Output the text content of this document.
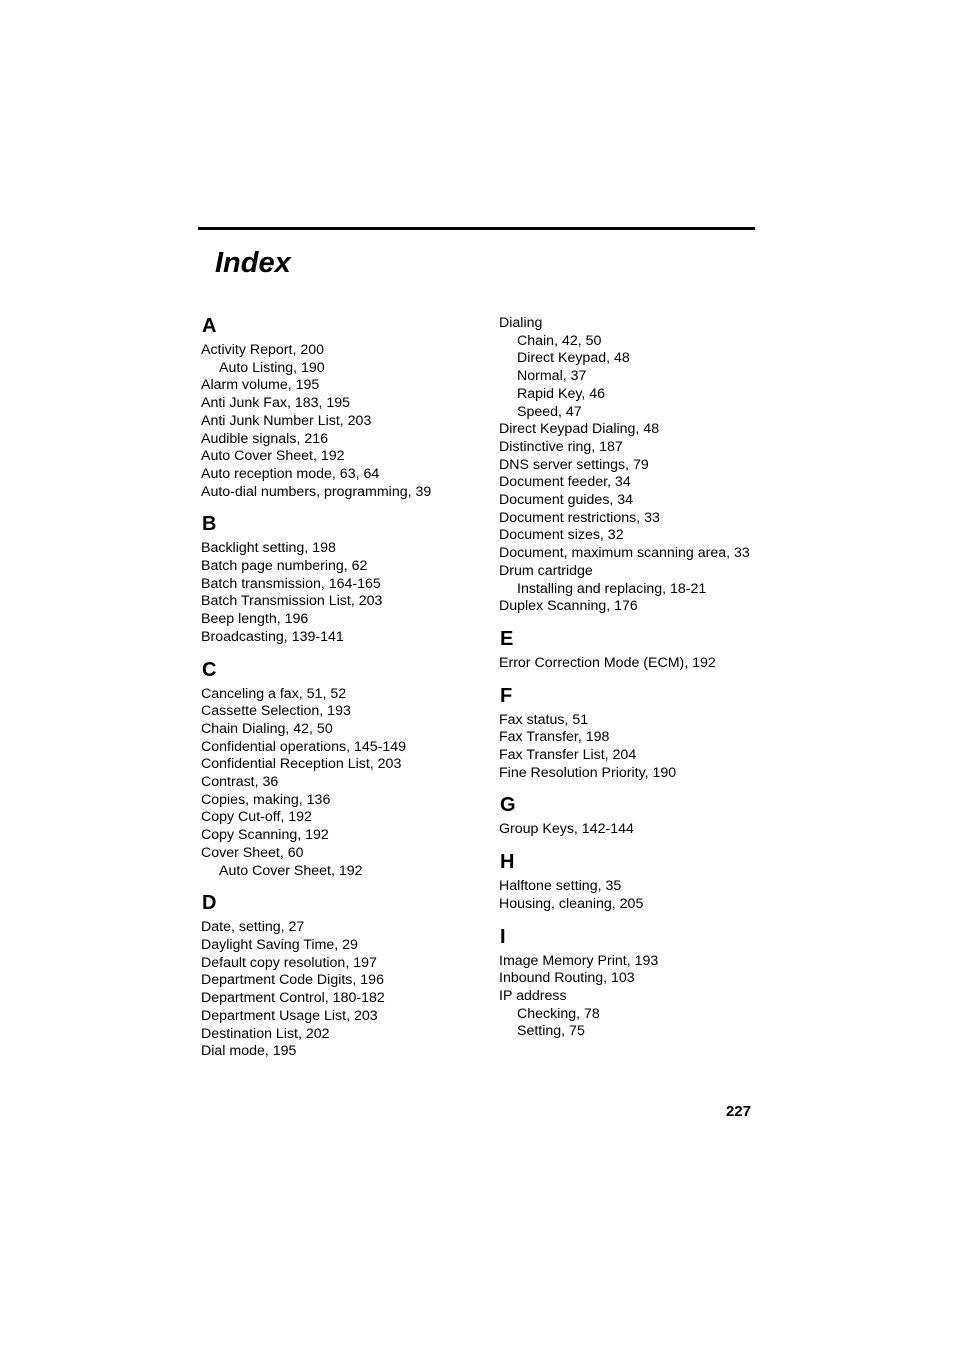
Index
A
Activity Report, 200
Auto Listing, 190
Alarm volume, 195
Anti Junk Fax, 183, 195
Anti Junk Number List, 203
Audible signals, 216
Auto Cover Sheet, 192
Auto reception mode, 63, 64
Auto-dial numbers, programming, 39
B
Backlight setting, 198
Batch page numbering, 62
Batch transmission, 164-165
Batch Transmission List, 203
Beep length, 196
Broadcasting, 139-141
C
Canceling a fax, 51, 52
Cassette Selection, 193
Chain Dialing, 42, 50
Confidential operations, 145-149
Confidential Reception List, 203
Contrast, 36
Copies, making, 136
Copy Cut-off, 192
Copy Scanning, 192
Cover Sheet, 60
Auto Cover Sheet, 192
D
Date, setting, 27
Daylight Saving Time, 29
Default copy resolution, 197
Department Code Digits, 196
Department Control, 180-182
Department Usage List, 203
Destination List, 202
Dial mode, 195
Dialing
Chain, 42, 50
Direct Keypad, 48
Normal, 37
Rapid Key, 46
Speed, 47
Direct Keypad Dialing, 48
Distinctive ring, 187
DNS server settings, 79
Document feeder, 34
Document guides, 34
Document restrictions, 33
Document sizes, 32
Document, maximum scanning area, 33
Drum cartridge
Installing and replacing, 18-21
Duplex Scanning, 176
E
Error Correction Mode (ECM), 192
F
Fax status, 51
Fax Transfer, 198
Fax Transfer List, 204
Fine Resolution Priority, 190
G
Group Keys, 142-144
H
Halftone setting, 35
Housing, cleaning, 205
I
Image Memory Print, 193
Inbound Routing, 103
IP address
Checking, 78
Setting, 75
227
